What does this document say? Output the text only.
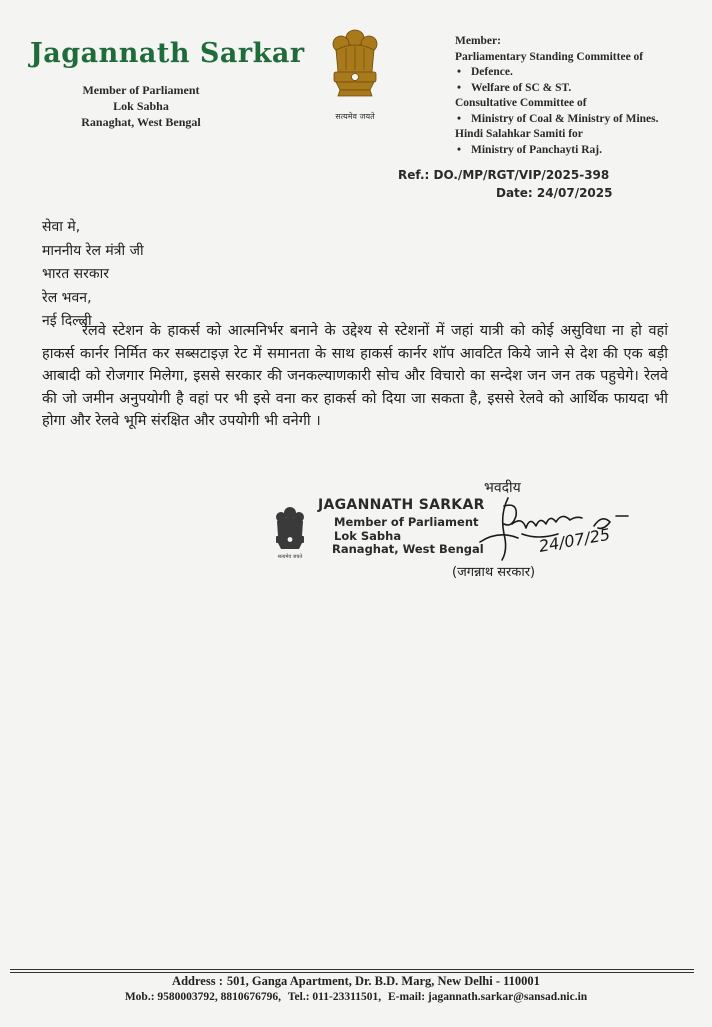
Jagannath Sarkar
Member of Parliament
Lok Sabha
Ranaghat, West Bengal	सत्यमेव जयते
Member:
Parliamentary Standing Committee of
• Defence.
• Welfare of SC & ST.
Consultative Committee of
• Ministry of Coal & Ministry of Mines.
Hindi Salahkar Samiti for
• Ministry of Panchayti Raj.
Ref.: DO./MP/RGT/VIP/2025-398
Date: 24/07/2025
सेवा मे,
माननीय रेल मंत्री जी
भारत सरकार
रेल भवन,
नई दिल्ली
रेलवे स्टेशन के हाकर्स को आत्मनिर्भर बनाने के उद्देश्य से स्टेशनों में जहां यात्री को कोई असुविधा ना हो वहां हाकर्स कार्नर निर्मित कर सब्सटाइज़ रेट में समानता के साथ हाकर्स कार्नर शॉप आवटित किये जाने से देश की एक बड़ी आबादी को रोजगार मिलेगा, इससे सरकार की जनकल्याणकारी सोच और विचारो का सन्देश जन जन तक पहुचेगे। रेलवे की जो जमीन अनुपयोगी है वहां पर भी इसे वना कर हाकर्स को दिया जा सकता है, इससे रेलवे को आर्थिक फायदा भी होगा और रेलवे भूमि संरक्षित और उपयोगी भी वनेगी ।
सत्यमेव जयते
JAGANNATH SARKAR
Member of Parliament
Lok Sabha
Ranaghat, West Bengal
भवदीय
24/07/25
(जगन्नाथ सरकार)
Address : 501, Ganga Apartment, Dr. B.D. Marg, New Delhi - 110001
Mob.: 9580003792, 8810676796, Tel.: 011-23311501, E-mail: jagannath.sarkar@sansad.nic.in
